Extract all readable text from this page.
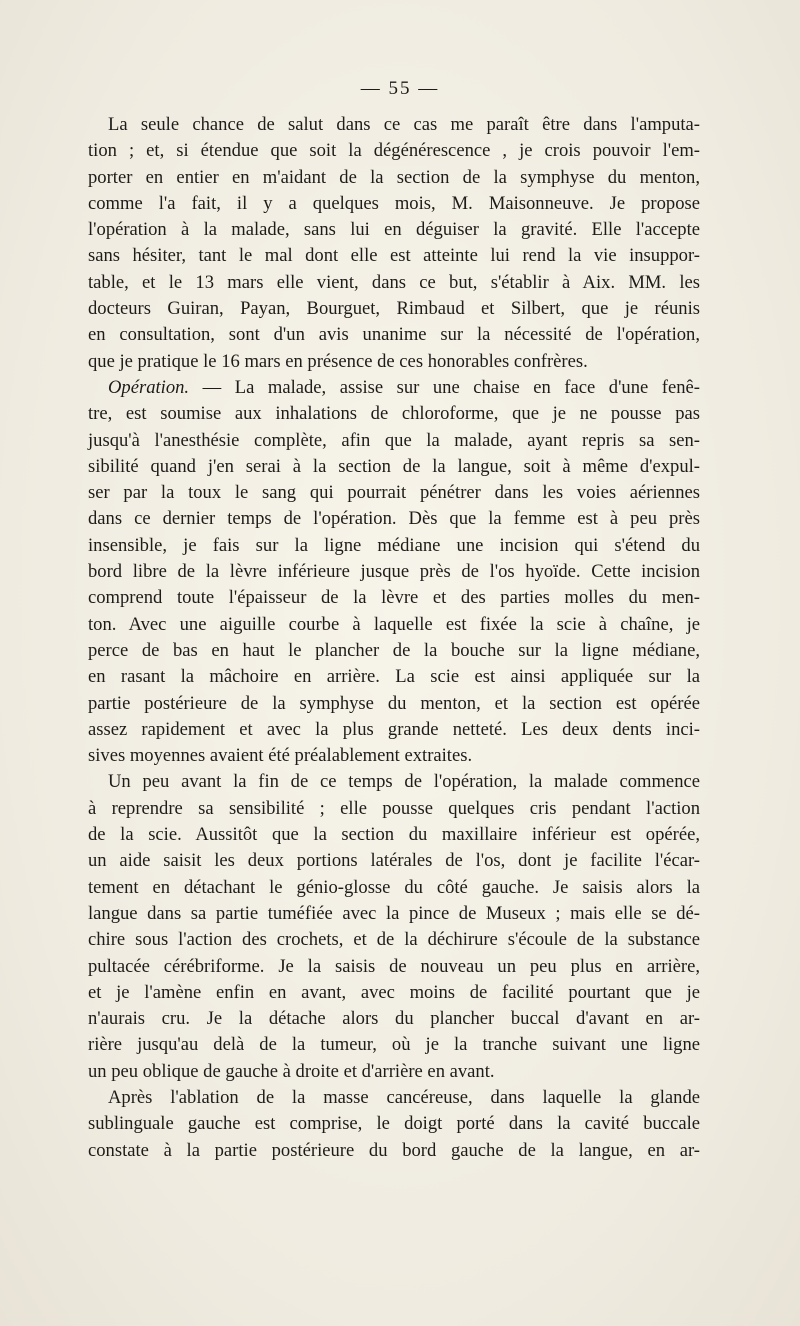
— 55 —
La seule chance de salut dans ce cas me paraît être dans l'amputa-
tion ; et, si étendue que soit la dégénérescence , je crois pouvoir l'em-
porter en entier en m'aidant de la section de la symphyse du menton,
comme l'a fait, il y a quelques mois, M. Maisonneuve. Je propose
l'opération à la malade, sans lui en déguiser la gravité. Elle l'accepte
sans hésiter, tant le mal dont elle est atteinte lui rend la vie insuppor-
table, et le 13 mars elle vient, dans ce but, s'établir à Aix. MM. les
docteurs Guiran, Payan, Bourguet, Rimbaud et Silbert, que je réunis
en consultation, sont d'un avis unanime sur la nécessité de l'opération,
que je pratique le 16 mars en présence de ces honorables confrères.
Opération. — La malade, assise sur une chaise en face d'une fenê-
tre, est soumise aux inhalations de chloroforme, que je ne pousse pas
jusqu'à l'anesthésie complète, afin que la malade, ayant repris sa sen-
sibilité quand j'en serai à la section de la langue, soit à même d'expul-
ser par la toux le sang qui pourrait pénétrer dans les voies aériennes
dans ce dernier temps de l'opération. Dès que la femme est à peu près
insensible, je fais sur la ligne médiane une incision qui s'étend du
bord libre de la lèvre inférieure jusque près de l'os hyoïde. Cette incision
comprend toute l'épaisseur de la lèvre et des parties molles du men-
ton. Avec une aiguille courbe à laquelle est fixée la scie à chaîne, je
perce de bas en haut le plancher de la bouche sur la ligne médiane,
en rasant la mâchoire en arrière. La scie est ainsi appliquée sur la
partie postérieure de la symphyse du menton, et la section est opérée
assez rapidement et avec la plus grande netteté. Les deux dents inci-
sives moyennes avaient été préalablement extraites.
Un peu avant la fin de ce temps de l'opération, la malade commence
à reprendre sa sensibilité ; elle pousse quelques cris pendant l'action
de la scie. Aussitôt que la section du maxillaire inférieur est opérée,
un aide saisit les deux portions latérales de l'os, dont je facilite l'écar-
tement en détachant le génio-glosse du côté gauche. Je saisis alors la
langue dans sa partie tuméfiée avec la pince de Museux ; mais elle se dé-
chire sous l'action des crochets, et de la déchirure s'écoule de la substance
pultacée cérébriforme. Je la saisis de nouveau un peu plus en arrière,
et je l'amène enfin en avant, avec moins de facilité pourtant que je
n'aurais cru. Je la détache alors du plancher buccal d'avant en ar-
rière jusqu'au delà de la tumeur, où je la tranche suivant une ligne
un peu oblique de gauche à droite et d'arrière en avant.
Après l'ablation de la masse cancéreuse, dans laquelle la glande
sublinguale gauche est comprise, le doigt porté dans la cavité buccale
constate à la partie postérieure du bord gauche de la langue, en ar-
